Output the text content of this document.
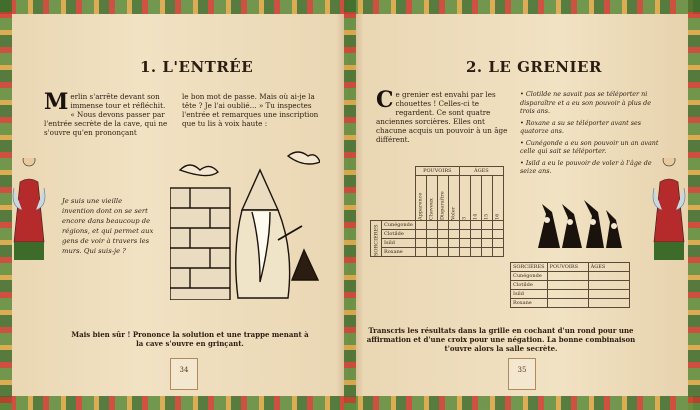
1. L'ENTRÉE
M erlin s'arrête devant son immense tour et réfléchit. « Nous devons passer par l'entrée secrète de la cave, qui ne s'ouvre qu'en prononçant
le bon mot de passe. Mais où ai-je la tête ? Je l'ai oublié... » Tu inspectes l'entrée et remarques une inscription que tu lis à voix haute :
Je suis une vieille invention dont on se sert encore dans beaucoup de régions, et qui permet aux gens de voir à travers les murs. Qui suis-je ?
Mais bien sûr ! Prononce la solution et une trappe menant à la cave s'ouvre en grinçant.
34
2. LE GRENIER
C e grenier est envahi par les chouettes ! Celles-ci te regardent. Ce sont quatre anciennes sorcières. Elles ont chacune acquis un pouvoir à un âge différent.
• Clotilde ne savait pas se téléporter ni disparaître et a eu son pouvoir à plus de trois ans.
• Roxane a su se téléporter avant ses quatorze ans.
• Cunégonde a eu son pouvoir un an avant celle qui sait se téléporter.
• Isild a eu le pouvoir de voler à l'âge de seize ans.
		POUVOIRS				ÂGES			
		Apparence	Cheveux	Disparaître	Voler	3	14	15	16
SORCIÈRES	Cunégonde								
	Clotilde								
	Isild								
	Roxane								
SORCIÈRES	POUVOIRS	ÂGES
Cunégonde		
Clotilde		
Isild		
Roxane		
Transcris les résultats dans la grille en cochant d'un rond pour une affirmation et d'une croix pour une négation. La bonne combinaison t'ouvre alors la salle secrète.
35
